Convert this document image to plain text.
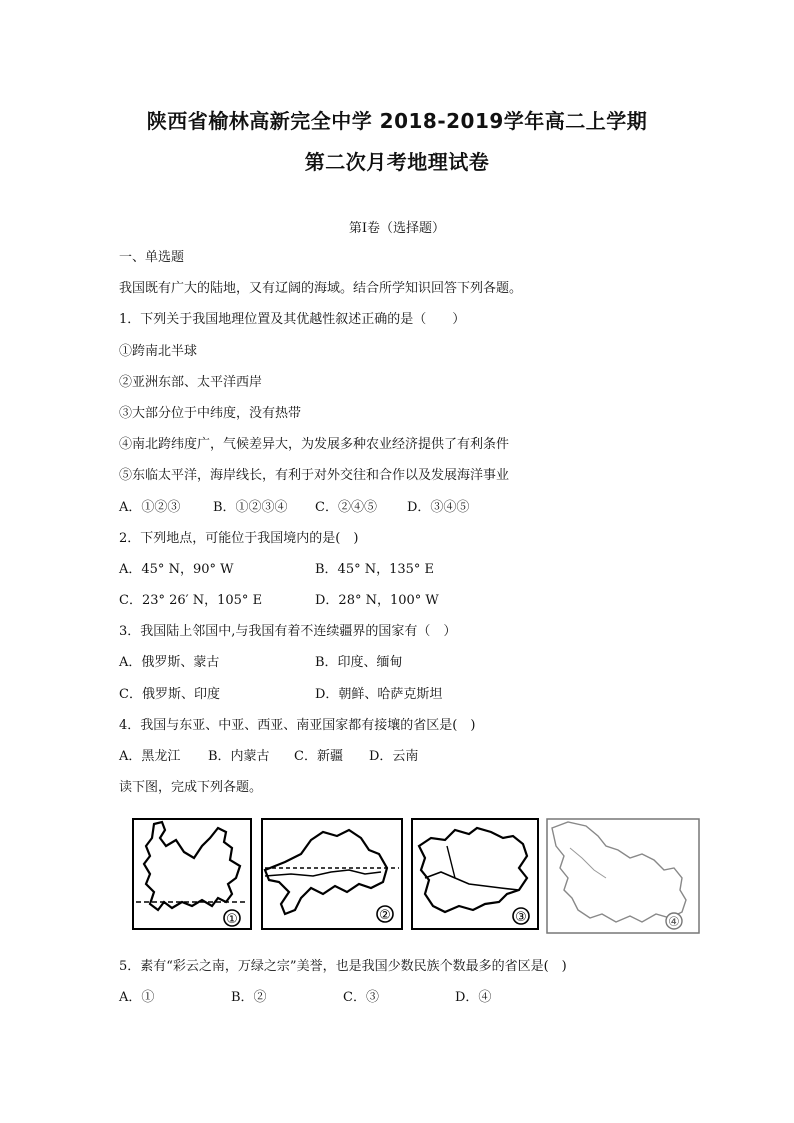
陕西省榆林高新完全中学 2018-2019学年高二上学期
第二次月考地理试卷
第Ⅰ卷（选择题）
一、单选题
我国既有广大的陆地，又有辽阔的海域。结合所学知识回答下列各题。
1．下列关于我国地理位置及其优越性叙述正确的是（　　）
①跨南北半球
②亚洲东部、太平洋西岸
③大部分位于中纬度，没有热带
④南北跨纬度广，气候差异大，为发展多种农业经济提供了有利条件
⑤东临太平洋，海岸线长，有利于对外交往和合作以及发展海洋事业
A．①②③	B．①②③④ C．②④⑤ D．③④⑤
2．下列地点，可能位于我国境内的是(　)
A．45° N，90° W	B．45° N，135° E
C．23° 26′ N，105° E	D．28° N，100° W
3．我国陆上邻国中,与我国有着不连续疆界的国家有（　）
A．俄罗斯、蒙古	B．印度、缅甸
C．俄罗斯、印度	D．朝鲜、哈萨克斯坦
4．我国与东亚、中亚、西亚、南亚国家都有接壤的省区是(　)
A．黑龙江 B．内蒙古 C．新疆 D．云南
读下图，完成下列各题。
①	②	③	④
5．素有“彩云之南，万绿之宗”美誉，也是我国少数民族个数最多的省区是(　)
A．①	B．②	C．③	D．④
